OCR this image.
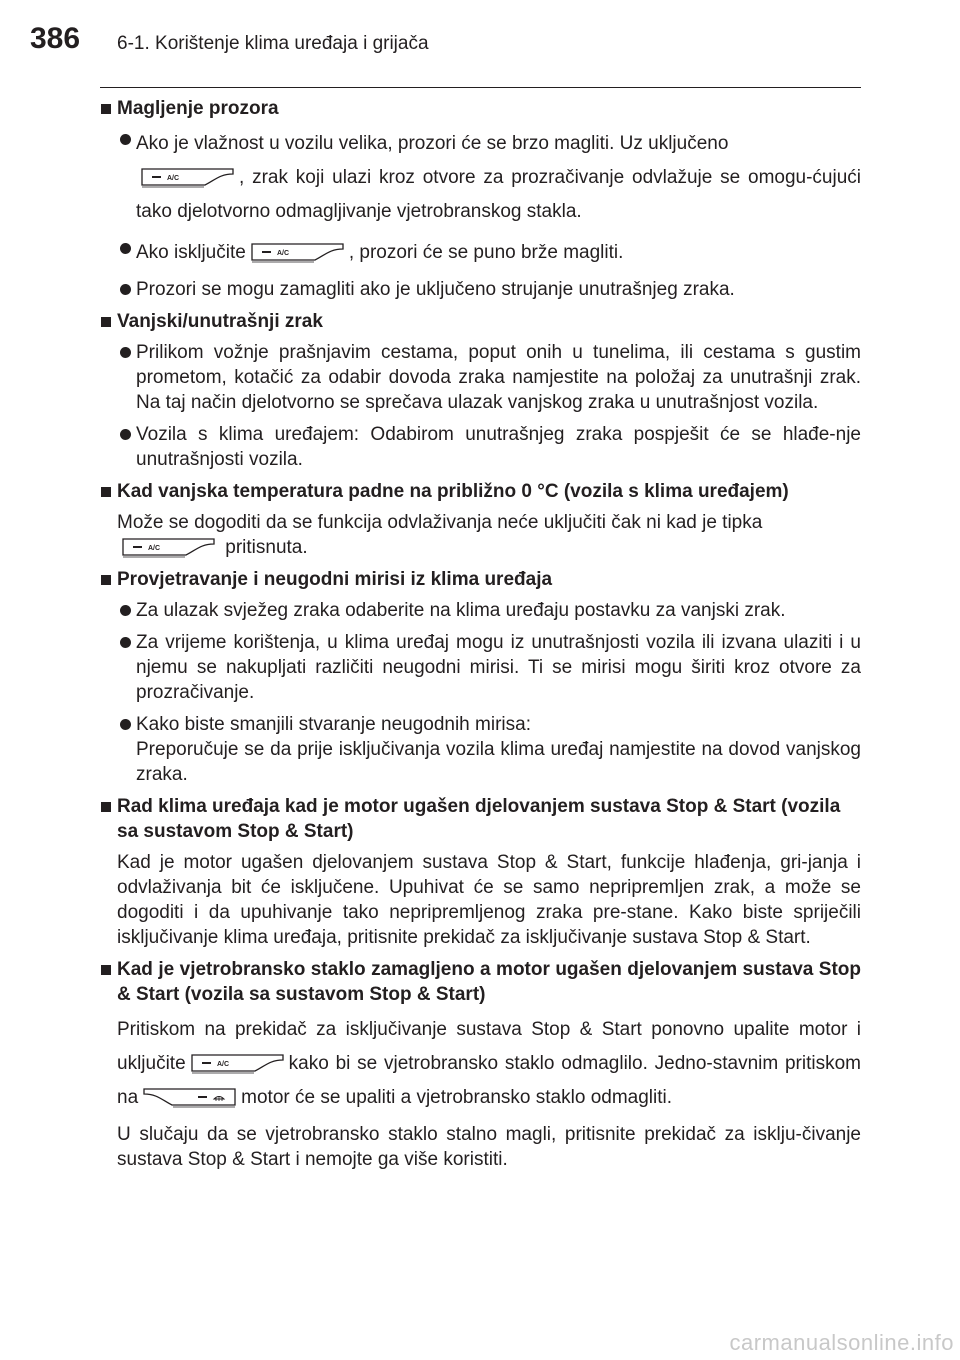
386 6-1. Korištenje klima uređaja i grijača
Magljenje prozora
Ako je vlažnost u vozilu velika, prozori će se brzo magliti. Uz uključeno

A/C	, zrak koji ulazi kroz otvore za prozračivanje odvlažuje se omogu-ćujući tako djelotvorno odmagljivanje vjetrobranskog stakla.
Ako isključite	A/C	, prozori će se puno brže magliti.
Prozori se mogu zamagliti ako je uključeno strujanje unutrašnjeg zraka.
Vanjski/unutrašnji zrak
Prilikom vožnje prašnjavim cestama, poput onih u tunelima, ili cestama s gustim prometom, kotačić za odabir dovoda zraka namjestite na položaj za unutrašnji zrak. Na taj način djelotvorno se sprečava ulazak vanjskog zraka u unutrašnjost vozila.
Vozila s klima uređajem: Odabirom unutrašnjeg zraka pospješit će se hlađe-nje unutrašnjosti vozila.
Kad vanjska temperatura padne na približno 0 °C (vozila s klima uređajem)
Može se dogoditi da se funkcija odvlaživanja neće uključiti čak ni kad je tipka

A/C	pritisnuta.
Provjetravanje i neugodni mirisi iz klima uređaja
Za ulazak svježeg zraka odaberite na klima uređaju postavku za vanjski zrak.
Za vrijeme korištenja, u klima uređaj mogu iz unutrašnjosti vozila ili izvana ulaziti i u njemu se nakupljati različiti neugodni mirisi. Ti se mirisi mogu širiti kroz otvore za prozračivanje.
Kako biste smanjili stvaranje neugodnih mirisa:
Preporučuje se da prije isključivanja vozila klima uređaj namjestite na dovod vanjskog zraka.
Rad klima uređaja kad je motor ugašen djelovanjem sustava Stop & Start (vozila sa sustavom Stop & Start)
Kad je motor ugašen djelovanjem sustava Stop & Start, funkcije hlađenja, gri-janja i odvlaživanja bit će isključene. Upuhivat će se samo nepripremljen zrak, a može se dogoditi i da upuhivanje tako nepripremljenog zraka pre-stane. Kako biste spriječili isključivanje klima uređaja, pritisnite prekidač za isključivanje sustava Stop & Start.
Kad je vjetrobransko staklo zamagljeno a motor ugašen djelovanjem sustava Stop & Start (vozila sa sustavom Stop & Start)
Pritiskom na prekidač za isključivanje sustava Stop & Start ponovno upalite motor i uključite	A/C	kako bi se vjetrobransko staklo odmaglilo. Jedno-stavnim pritiskom na	motor će se upaliti a vjetrobransko staklo odmagliti.
U slučaju da se vjetrobransko staklo stalno magli, pritisnite prekidač za isklju-čivanje sustava Stop & Start i nemojte ga više koristiti.
carmanualsonline.info
